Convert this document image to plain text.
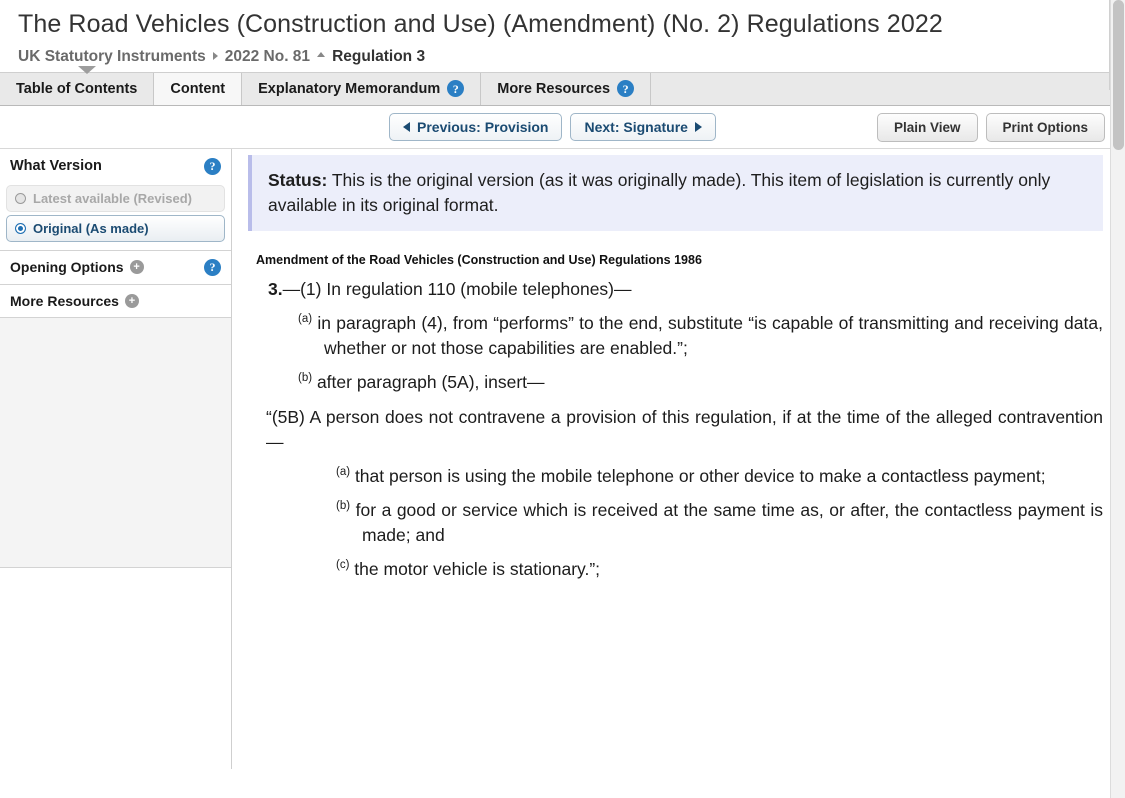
The Road Vehicles (Construction and Use) (Amendment) (No. 2) Regulations 2022
UK Statutory Instruments 2022 No. 81 Regulation 3
Table of Contents Content Explanatory Memorandum	?	More Resources	?
Previous: Provision	Next: Signature	Plain View	Print Options
What Version	?
Latest available (Revised)
Original (As made)
Opening Options +	?
More Resources +
Status: This is the original version (as it was originally made). This item of legislation is currently only available in its original format.
Amendment of the Road Vehicles (Construction and Use) Regulations 1986
3.—(1) In regulation 110 (mobile telephones)—
$^{(a)}$ in paragraph (4), from “performs” to the end, substitute “is capable of transmitting and receiving data, whether or not those capabilities are enabled.”;
$^{(b)}$ after paragraph (5A), insert—
“(5B) A person does not contravene a provision of this regulation, if at the time of the alleged contravention—
$^{(a)}$ that person is using the mobile telephone or other device to make a contactless payment;
$^{(b)}$ for a good or service which is received at the same time as, or after, the contactless payment is made; and
$^{(c)}$ the motor vehicle is stationary.”;
